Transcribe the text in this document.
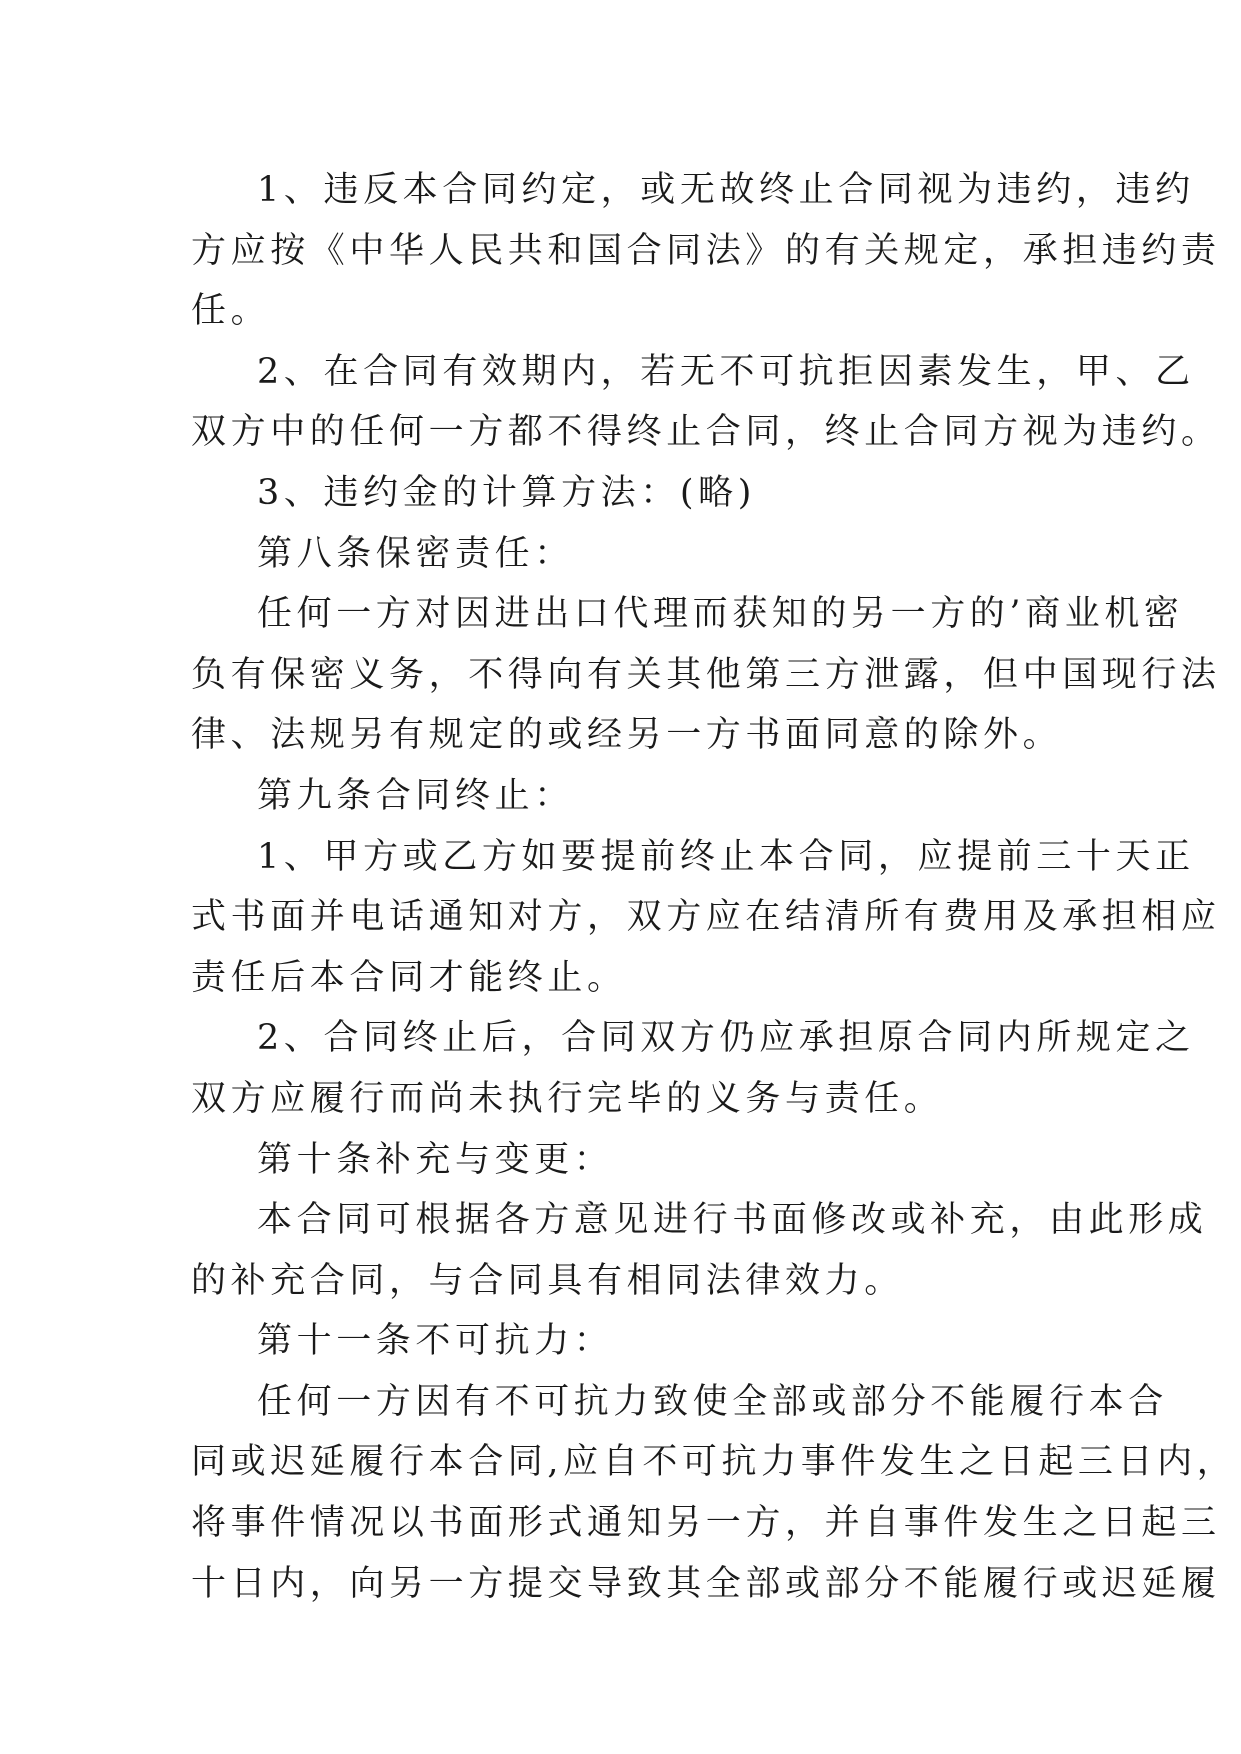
1、违反本合同约定，或无故终止合同视为违约，违约
方应按《中华人民共和国合同法》的有关规定，承担违约责
任。
2、在合同有效期内，若无不可抗拒因素发生，甲、乙
双方中的任何一方都不得终止合同，终止合同方视为违约。
3、违约金的计算方法：(略)
第八条保密责任：
任何一方对因进出口代理而获知的另一方的’商业机密
负有保密义务，不得向有关其他第三方泄露，但中国现行法
律、法规另有规定的或经另一方书面同意的除外。
第九条合同终止：
1、甲方或乙方如要提前终止本合同，应提前三十天正
式书面并电话通知对方，双方应在结清所有费用及承担相应
责任后本合同才能终止。
2、合同终止后，合同双方仍应承担原合同内所规定之
双方应履行而尚未执行完毕的义务与责任。
第十条补充与变更：
本合同可根据各方意见进行书面修改或补充，由此形成
的补充合同，与合同具有相同法律效力。
第十一条不可抗力：
任何一方因有不可抗力致使全部或部分不能履行本合
同或迟延履行本合同,应自不可抗力事件发生之日起三日内，
将事件情况以书面形式通知另一方，并自事件发生之日起三
十日内，向另一方提交导致其全部或部分不能履行或迟延履
